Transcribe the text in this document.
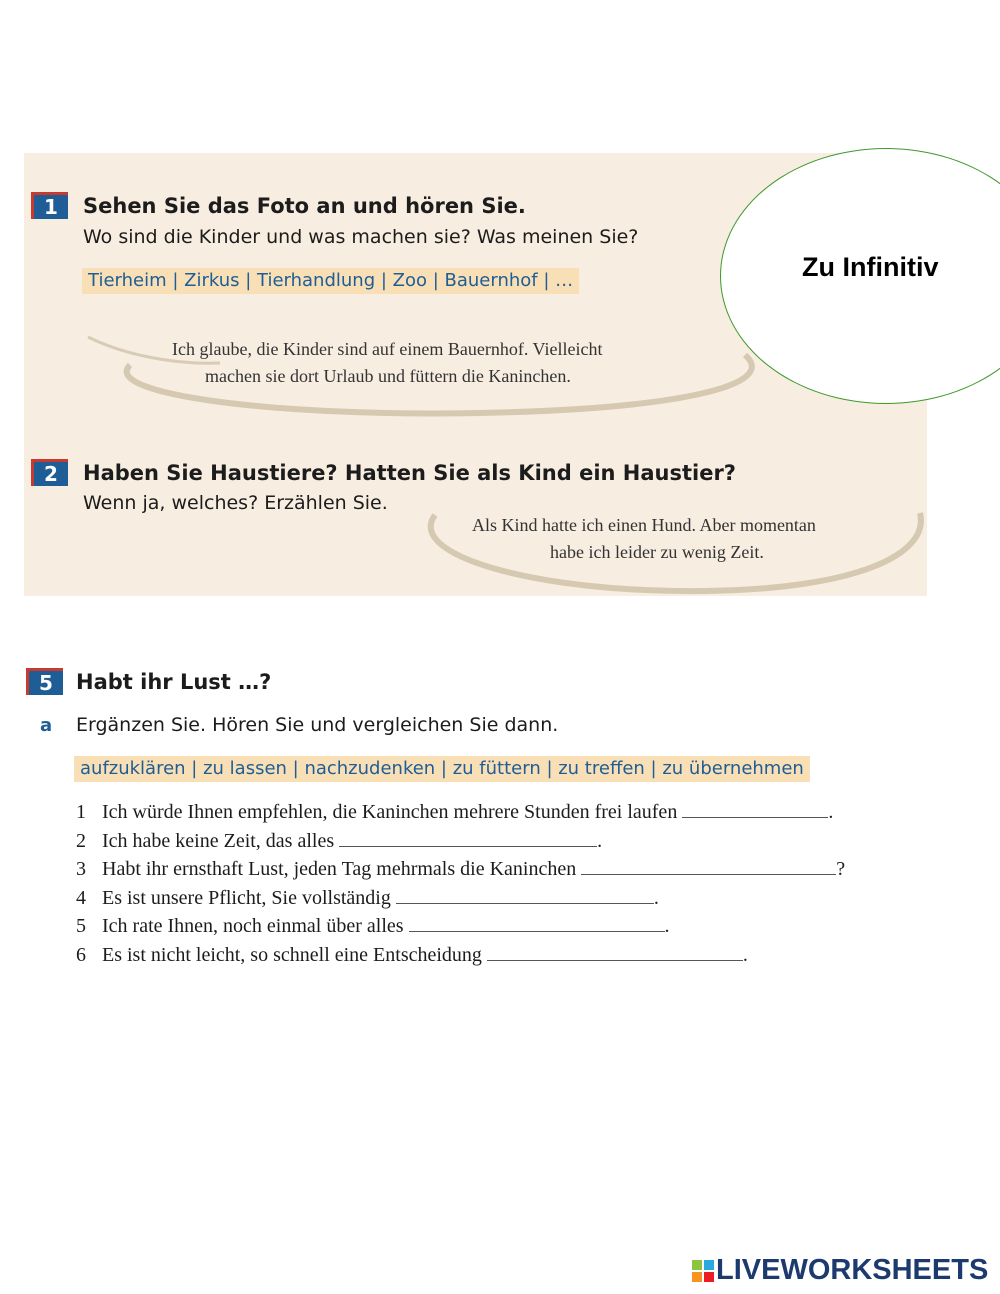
1	Sehen Sie das Foto an und hören Sie.
Wo sind die Kinder und was machen sie? Was meinen Sie?
Tierheim | Zirkus | Tierhandlung | Zoo | Bauernhof | …
Ich glaube, die Kinder sind auf einem Bauernhof. Vielleicht
machen sie dort Urlaub und füttern die Kaninchen.
2	Haben Sie Haustiere? Hatten Sie als Kind ein Haustier?
Wenn ja, welches? Erzählen Sie.
Als Kind hatte ich einen Hund. Aber momentan
habe ich leider zu wenig Zeit.
Zu Infinitiv
5	Habt ihr Lust …?
a Ergänzen Sie. Hören Sie und vergleichen Sie dann.
aufzuklären | zu lassen | nachzudenken | zu füttern | zu treffen | zu übernehmen
1 Ich würde Ihnen empfehlen, die Kaninchen mehrere Stunden frei laufen	.
2 Ich habe keine Zeit, das alles	.
3 Habt ihr ernsthaft Lust, jeden Tag mehrmals die Kaninchen	?
4 Es ist unsere Pflicht, Sie vollständig	.
5 Ich rate Ihnen, noch einmal über alles	.
6 Es ist nicht leicht, so schnell eine Entscheidung	.
LIVEWORKSHEETS
